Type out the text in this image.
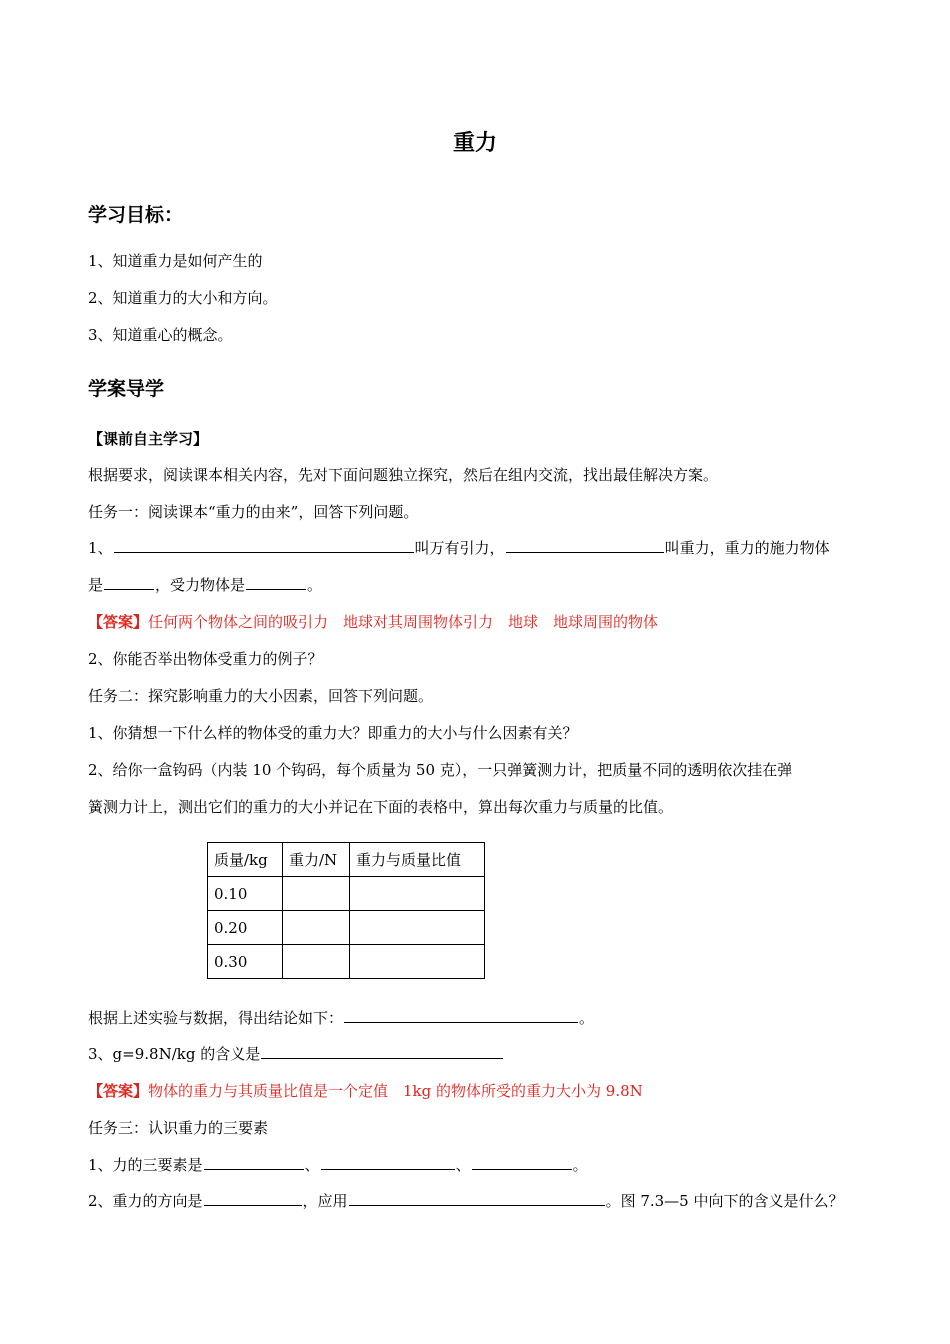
重力
学习目标：
1、知道重力是如何产生的
2、知道重力的大小和方向。
3、知道重心的概念。
学案导学
【课前自主学习】
根据要求，阅读课本相关内容，先对下面问题独立探究，然后在组内交流，找出最佳解决方案。
任务一：阅读课本“重力的由来”，回答下列问题。
1、	叫万有引力，	叫重力，重力的施力物体
是	，受力物体是	。
【答案】任何两个物体之间的吸引力　地球对其周围物体引力　地球　地球周围的物体
2、你能否举出物体受重力的例子？
任务二：探究影响重力的大小因素，回答下列问题。
1、你猜想一下什么样的物体受的重力大？即重力的大小与什么因素有关？
2、给你一盒钩码（内装 10 个钩码，每个质量为 50 克），一只弹簧测力计，把质量不同的透明依次挂在弹
簧测力计上，测出它们的重力的大小并记在下面的表格中，算出每次重力与质量的比值。
质量/kg	重力/N	重力与质量比值
0.10		
0.20		
0.30		
根据上述实验与数据，得出结论如下：	。
3、g=9.8N/kg 的含义是
【答案】物体的重力与其质量比值是一个定值　1kg 的物体所受的重力大小为 9.8N
任务三：认识重力的三要素
1、力的三要素是	、	、	。
2、重力的方向是	，应用	。图 7.3—5 中向下的含义是什么？
